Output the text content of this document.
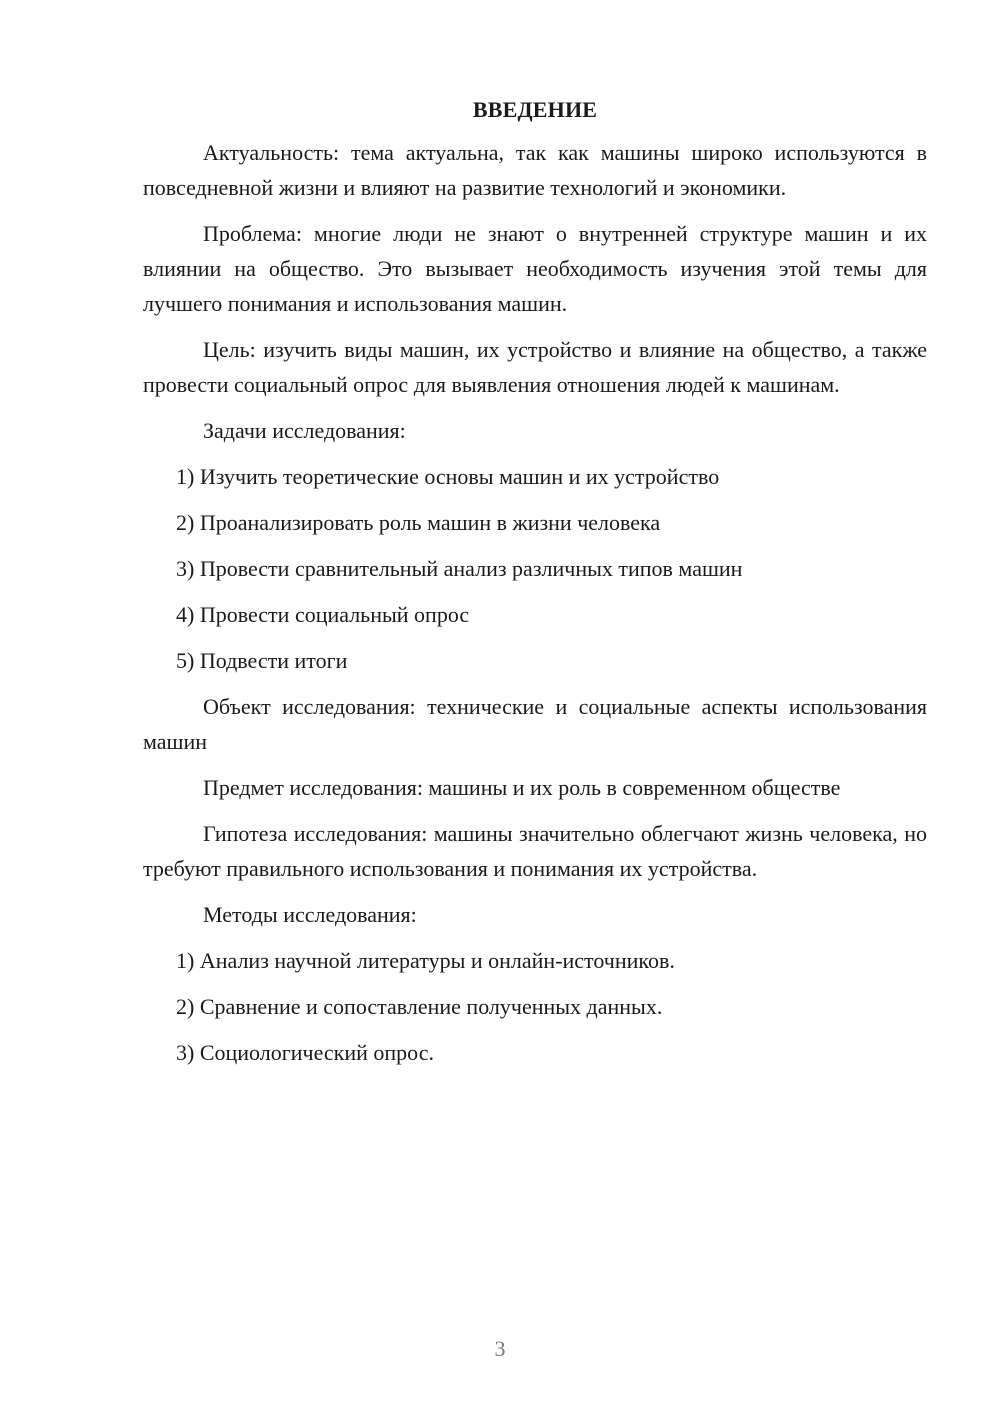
ВВЕДЕНИЕ

Актуальность: тема актуальна, так как машины широко используются в повседневной жизни и влияют на развитие технологий и экономики.

Проблема: многие люди не знают о внутренней структуре машин и их влиянии на общество. Это вызывает необходимость изучения этой темы для лучшего понимания и использования машин.

Цель: изучить виды машин, их устройство и влияние на общество, а также провести социальный опрос для выявления отношения людей к машинам.

Задачи исследования:

1) Изучить теоретические основы машин и их устройство

2) Проанализировать роль машин в жизни человека

3) Провести сравнительный анализ различных типов машин

4) Провести социальный опрос

5) Подвести итоги

Объект исследования: технические и социальные аспекты использования машин

Предмет исследования: машины и их роль в современном обществе

Гипотеза исследования: машины значительно облегчают жизнь человека, но требуют правильного использования и понимания их устройства.

Методы исследования:

1) Анализ научной литературы и онлайн-источников.

2) Сравнение и сопоставление полученных данных.

3) Социологический опрос.

3
